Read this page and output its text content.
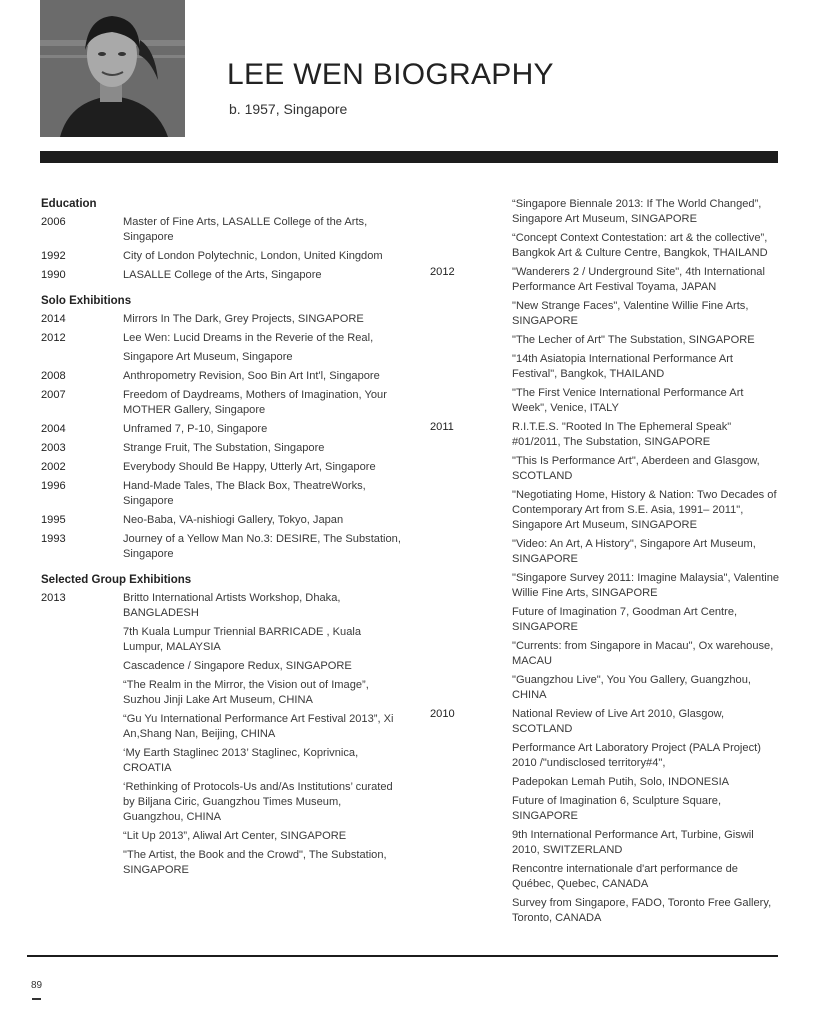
LEE WEN BIOGRAPHY

b. 1957, Singapore

Education
2006	Master of Fine Arts, LASALLE College of the Arts, Singapore
1992	City of London Polytechnic, London, United Kingdom
1990	LASALLE College of the Arts, Singapore
Solo Exhibitions
2014	Mirrors In The Dark, Grey Projects, SINGAPORE
2012	Lee Wen: Lucid Dreams in the Reverie of the Real,
Singapore Art Museum, Singapore
2008	Anthropometry Revision, Soo Bin Art Int'l, Singapore
2007	Freedom of Daydreams, Mothers of Imagination, Your MOTHER Gallery, Singapore
2004	Unframed 7, P-10, Singapore
2003	Strange Fruit, The Substation, Singapore
2002	Everybody Should Be Happy, Utterly Art, Singapore
1996	Hand-Made Tales, The Black Box, TheatreWorks, Singapore
1995	Neo-Baba, VA-nishiogi Gallery, Tokyo, Japan
1993	Journey of a Yellow Man No.3: DESIRE, The Substation, Singapore
Selected Group Exhibitions
2013	Britto International Artists Workshop, Dhaka, BANGLADESH
7th Kuala Lumpur Triennial BARRICADE , Kuala Lumpur, MALAYSIA
Cascadence / Singapore Redux, SINGAPORE
“The Realm in the Mirror, the Vision out of Image”, Suzhou Jinji Lake Art Museum, CHINA
“Gu Yu International Performance Art Festival 2013”, Xi An,Shang Nan, Beijing, CHINA
‘My Earth Staglinec 2013’ Staglinec, Koprivnica, CROATIA
‘Rethinking of Protocols-Us and/As Institutions’ curated by Biljana Ciric, Guangzhou Times Museum, Guangzhou, CHINA
“Lit Up 2013”, Aliwal Art Center, SINGAPORE
"The Artist, the Book and the Crowd", The Substation, SINGAPORE
“Singapore Biennale 2013: If The World Changed”, Singapore Art Museum, SINGAPORE
“Concept Context Contestation: art & the collective”, Bangkok Art & Culture Centre, Bangkok, THAILAND
2012	"Wanderers 2 / Underground Site", 4th International Performance Art Festival Toyama, JAPAN
"New Strange Faces", Valentine Willie Fine Arts, SINGAPORE
"The Lecher of Art" The Substation, SINGAPORE
"14th Asiatopia International Performance Art Festival", Bangkok, THAILAND
"The First Venice International Performance Art Week", Venice, ITALY
2011	R.I.T.E.S. "Rooted In The Ephemeral Speak" #01/2011, The Substation, SINGAPORE
"This Is Performance Art", Aberdeen and Glasgow, SCOTLAND
"Negotiating Home, History & Nation: Two Decades of Contemporary Art from S.E. Asia, 1991– 2011", Singapore Art Museum, SINGAPORE
"Video: An Art, A History", Singapore Art Museum, SINGAPORE
"Singapore Survey 2011: Imagine Malaysia", Valentine Willie Fine Arts, SINGAPORE
Future of Imagination 7, Goodman Art Centre, SINGAPORE
"Currents: from Singapore in Macau", Ox warehouse, MACAU
"Guangzhou Live", You You Gallery, Guangzhou, CHINA
2010	National Review of Live Art 2010, Glasgow, SCOTLAND
Performance Art Laboratory Project (PALA Project) 2010 /"undisclosed territory#4",
Padepokan Lemah Putih, Solo, INDONESIA
Future of Imagination 6, Sculpture Square, SINGAPORE
9th International Performance Art, Turbine, Giswil 2010, SWITZERLAND
Rencontre internationale d'art performance de Québec, Quebec, CANADA
Survey from Singapore, FADO, Toronto Free Gallery, Toronto, CANADA
89
